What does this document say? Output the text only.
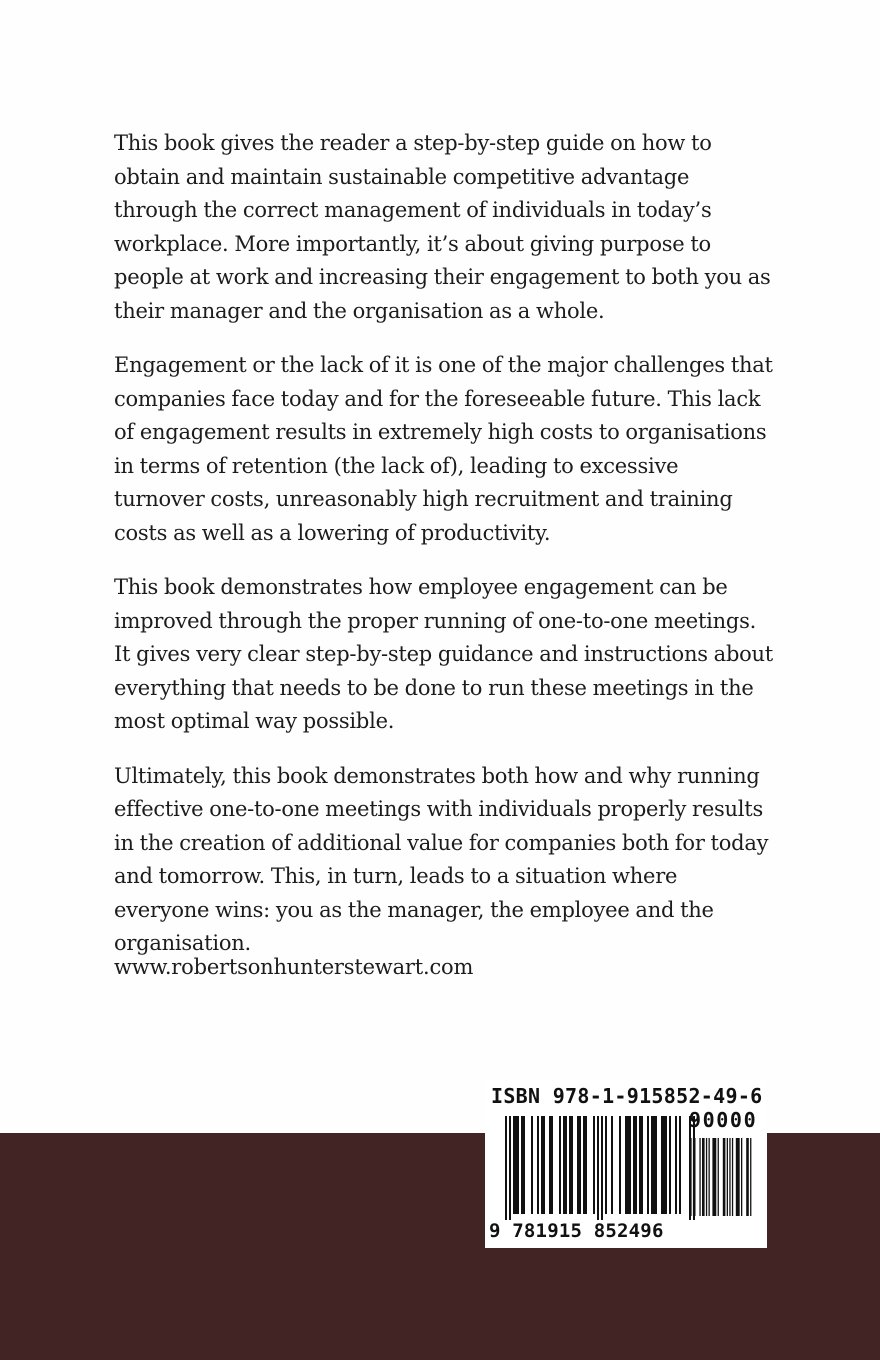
This book gives the reader a step-by-step guide on how to obtain and maintain sustainable competitive advantage through the correct management of individuals in today’s workplace. More importantly, it’s about giving purpose to people at work and increasing their engagement to both you as their manager and the organisation as a whole.

Engagement or the lack of it is one of the major challenges that companies face today and for the foreseeable future. This lack of engagement results in extremely high costs to organisations in terms of retention (the lack of), leading to excessive turnover costs, unreasonably high recruitment and training costs as well as a lowering of productivity.

This book demonstrates how employee engagement can be improved through the proper running of one-to-one meetings. It gives very clear step-by-step guidance and instructions about everything that needs to be done to run these meetings in the most optimal way possible.

Ultimately, this book demonstrates both how and why running effective one-to-one meetings with individuals properly results in the creation of additional value for companies both for today and tomorrow. This, in turn, leads to a situation where everyone wins: you as the manager, the employee and the organisation.

www.robertsonhunterstewart.com
ISBN 978-1-915852-49-6
90000
9 781915 852496
